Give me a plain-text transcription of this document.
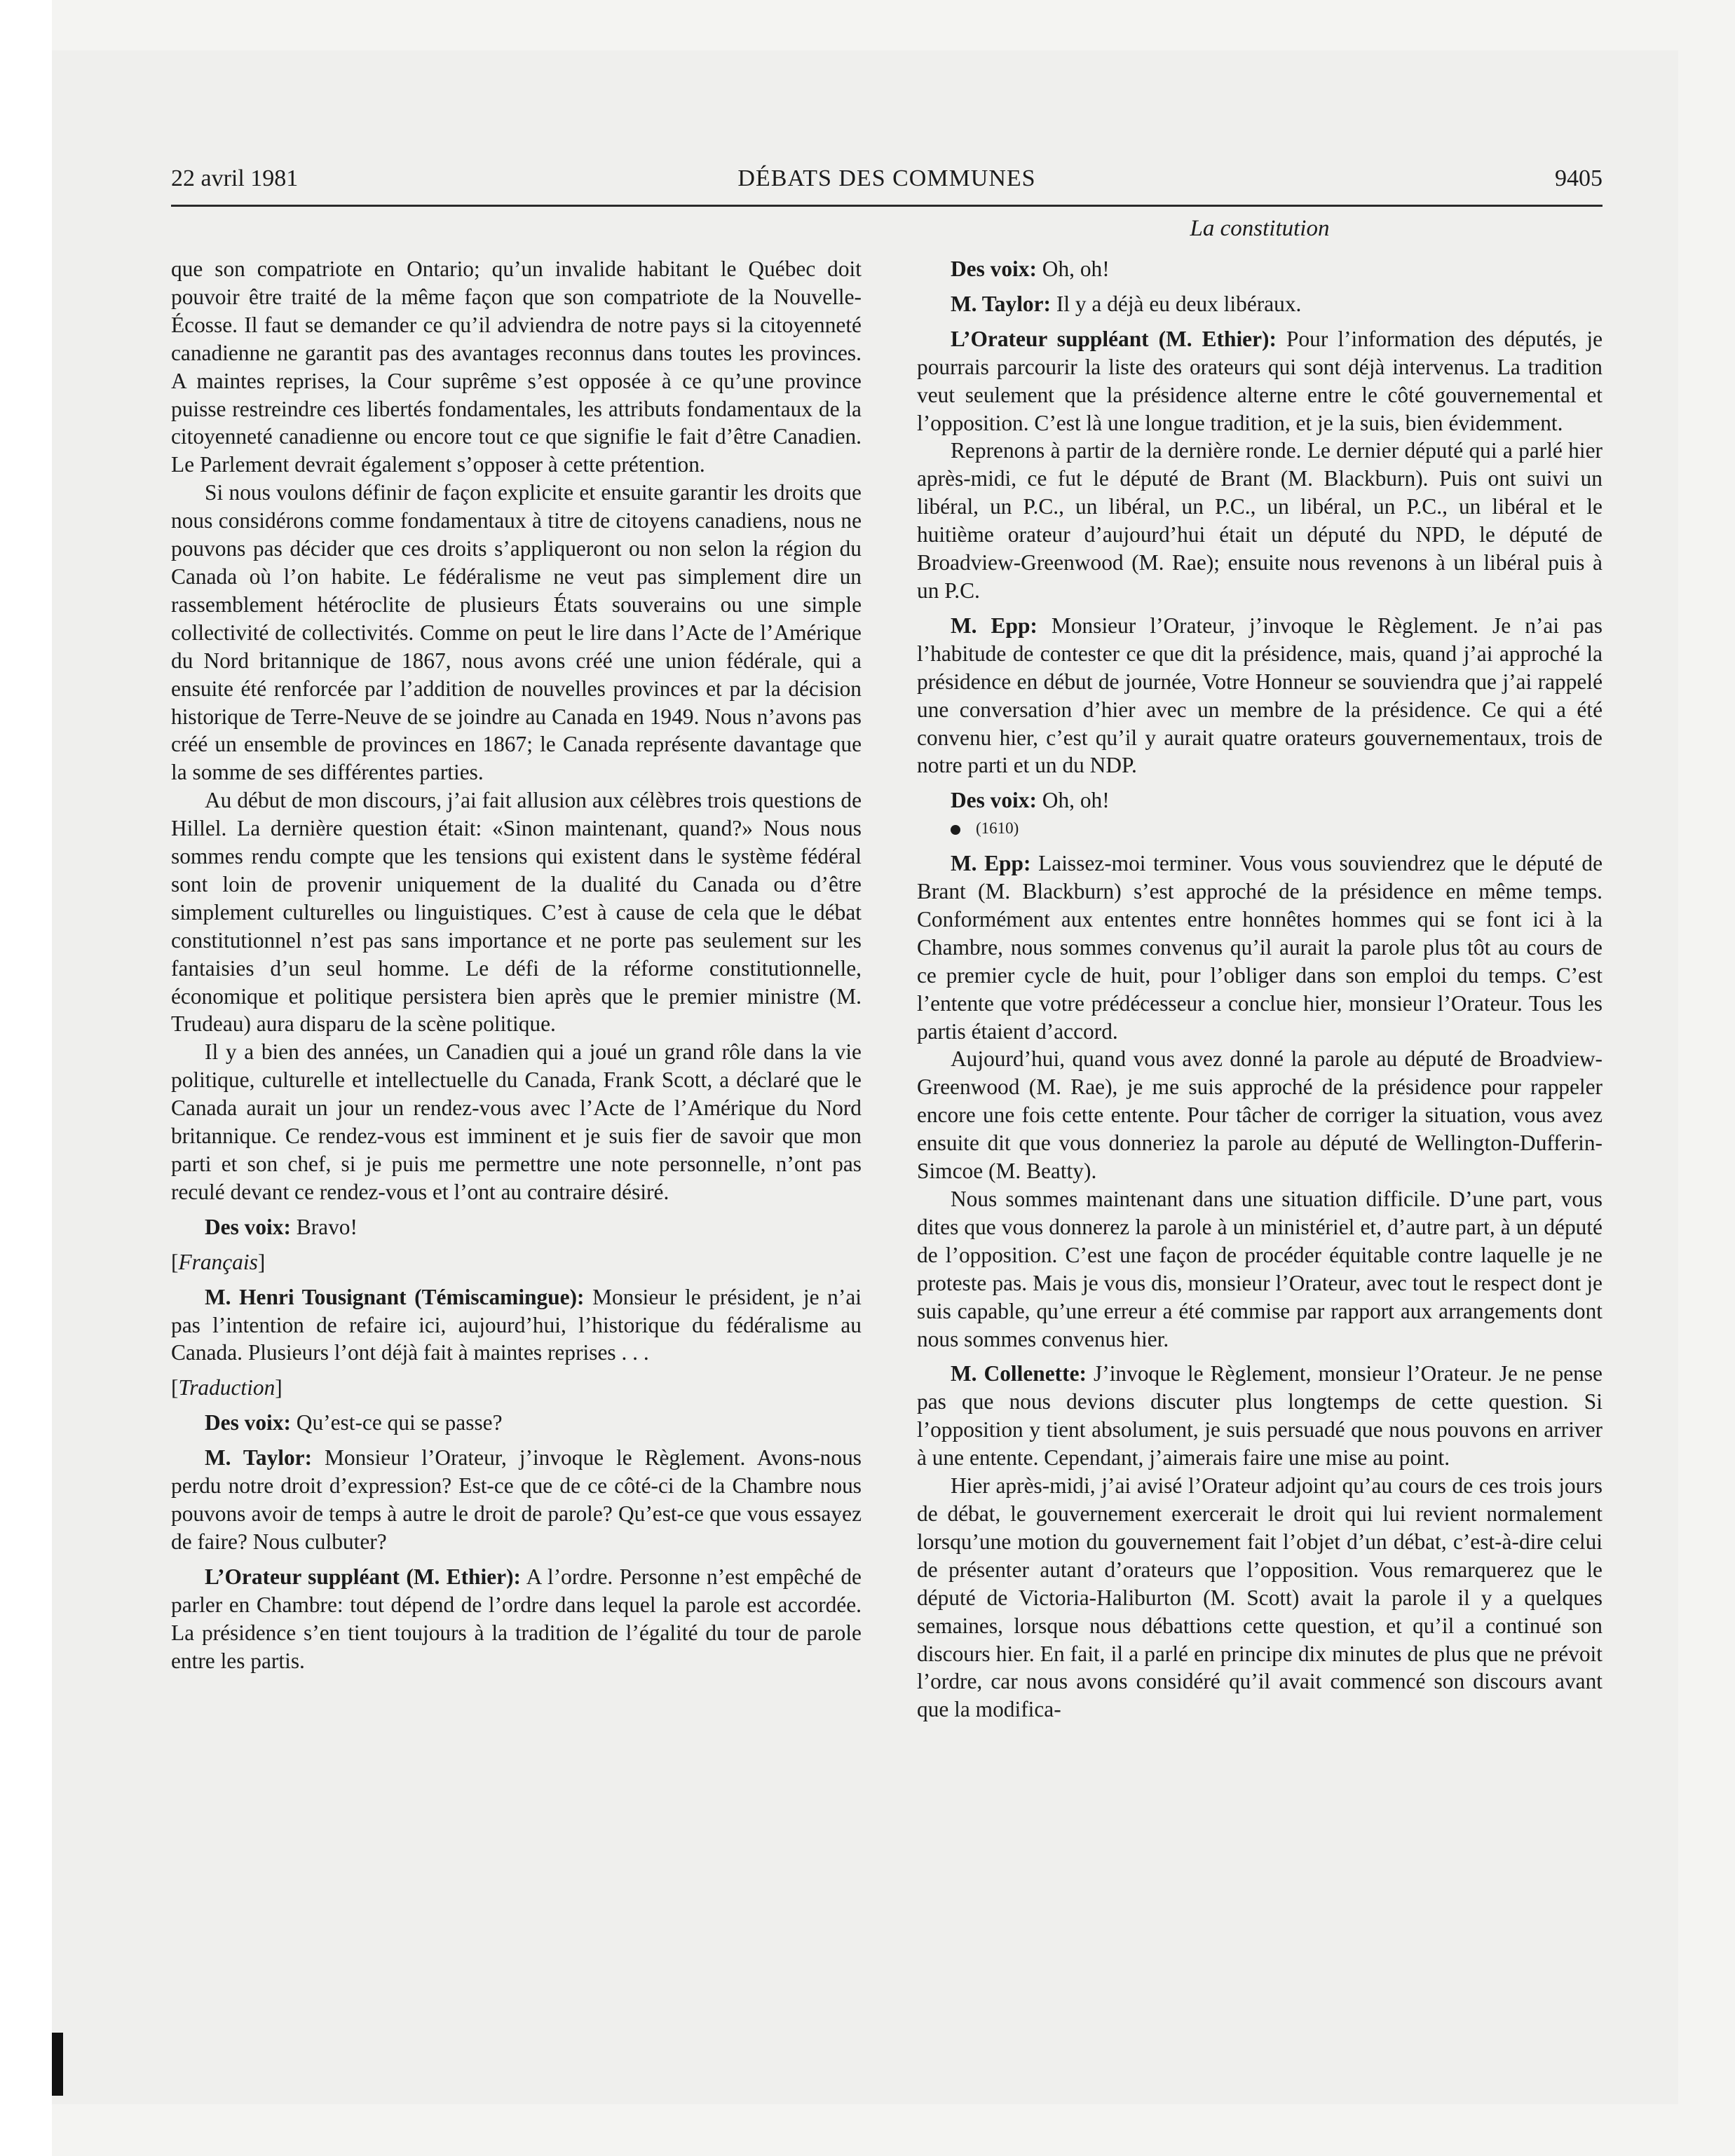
22 avril 1981	DÉBATS DES COMMUNES	9405
La constitution

que son compatriote en Ontario; qu’un invalide habitant le Québec doit pouvoir être traité de la même façon que son compatriote de la Nouvelle-Écosse. Il faut se demander ce qu’il adviendra de notre pays si la citoyenneté canadienne ne garantit pas des avantages reconnus dans toutes les provinces. A maintes reprises, la Cour suprême s’est opposée à ce qu’une province puisse restreindre ces libertés fondamentales, les attributs fondamentaux de la citoyenneté canadienne ou encore tout ce que signifie le fait d’être Canadien. Le Parlement devrait également s’opposer à cette prétention.

Si nous voulons définir de façon explicite et ensuite garantir les droits que nous considérons comme fondamentaux à titre de citoyens canadiens, nous ne pouvons pas décider que ces droits s’appliqueront ou non selon la région du Canada où l’on habite. Le fédéralisme ne veut pas simplement dire un rassemblement hétéroclite de plusieurs États souverains ou une simple collectivité de collectivités. Comme on peut le lire dans l’Acte de l’Amérique du Nord britannique de 1867, nous avons créé une union fédérale, qui a ensuite été renforcée par l’addition de nouvelles provinces et par la décision historique de Terre-Neuve de se joindre au Canada en 1949. Nous n’avons pas créé un ensemble de provinces en 1867; le Canada représente davantage que la somme de ses différentes parties.

Au début de mon discours, j’ai fait allusion aux célèbres trois questions de Hillel. La dernière question était: «Sinon maintenant, quand?» Nous nous sommes rendu compte que les tensions qui existent dans le système fédéral sont loin de provenir uniquement de la dualité du Canada ou d’être simplement culturelles ou linguistiques. C’est à cause de cela que le débat constitutionnel n’est pas sans importance et ne porte pas seulement sur les fantaisies d’un seul homme. Le défi de la réforme constitutionnelle, économique et politique persistera bien après que le premier ministre (M. Trudeau) aura disparu de la scène politique.

Il y a bien des années, un Canadien qui a joué un grand rôle dans la vie politique, culturelle et intellectuelle du Canada, Frank Scott, a déclaré que le Canada aurait un jour un rendez-vous avec l’Acte de l’Amérique du Nord britannique. Ce rendez-vous est imminent et je suis fier de savoir que mon parti et son chef, si je puis me permettre une note personnelle, n’ont pas reculé devant ce rendez-vous et l’ont au contraire désiré.

Des voix: Bravo!

[Français]

M. Henri Tousignant (Témiscamingue): Monsieur le président, je n’ai pas l’intention de refaire ici, aujourd’hui, l’historique du fédéralisme au Canada. Plusieurs l’ont déjà fait à maintes reprises . . .

[Traduction]

Des voix: Qu’est-ce qui se passe?

M. Taylor: Monsieur l’Orateur, j’invoque le Règlement. Avons-nous perdu notre droit d’expression? Est-ce que de ce côté-ci de la Chambre nous pouvons avoir de temps à autre le droit de parole? Qu’est-ce que vous essayez de faire? Nous culbuter?

L’Orateur suppléant (M. Ethier): A l’ordre. Personne n’est empêché de parler en Chambre: tout dépend de l’ordre dans lequel la parole est accordée. La présidence s’en tient toujours à la tradition de l’égalité du tour de parole entre les partis.

Des voix: Oh, oh!

M. Taylor: Il y a déjà eu deux libéraux.

L’Orateur suppléant (M. Ethier): Pour l’information des députés, je pourrais parcourir la liste des orateurs qui sont déjà intervenus. La tradition veut seulement que la présidence alterne entre le côté gouvernemental et l’opposition. C’est là une longue tradition, et je la suis, bien évidemment.

Reprenons à partir de la dernière ronde. Le dernier député qui a parlé hier après-midi, ce fut le député de Brant (M. Blackburn). Puis ont suivi un libéral, un P.C., un libéral, un P.C., un libéral, un P.C., un libéral et le huitième orateur d’aujourd’hui était un député du NPD, le député de Broadview-Greenwood (M. Rae); ensuite nous revenons à un libéral puis à un P.C.

M. Epp: Monsieur l’Orateur, j’invoque le Règlement. Je n’ai pas l’habitude de contester ce que dit la présidence, mais, quand j’ai approché la présidence en début de journée, Votre Honneur se souviendra que j’ai rappelé une conversation d’hier avec un membre de la présidence. Ce qui a été convenu hier, c’est qu’il y aurait quatre orateurs gouvernementaux, trois de notre parti et un du NDP.

Des voix: Oh, oh!

(1610)

M. Epp: Laissez-moi terminer. Vous vous souviendrez que le député de Brant (M. Blackburn) s’est approché de la présidence en même temps. Conformément aux ententes entre honnêtes hommes qui se font ici à la Chambre, nous sommes convenus qu’il aurait la parole plus tôt au cours de ce premier cycle de huit, pour l’obliger dans son emploi du temps. C’est l’entente que votre prédécesseur a conclue hier, monsieur l’Orateur. Tous les partis étaient d’accord.

Aujourd’hui, quand vous avez donné la parole au député de Broadview-Greenwood (M. Rae), je me suis approché de la présidence pour rappeler encore une fois cette entente. Pour tâcher de corriger la situation, vous avez ensuite dit que vous donneriez la parole au député de Wellington-Dufferin-Simcoe (M. Beatty).

Nous sommes maintenant dans une situation difficile. D’une part, vous dites que vous donnerez la parole à un ministériel et, d’autre part, à un député de l’opposition. C’est une façon de procéder équitable contre laquelle je ne proteste pas. Mais je vous dis, monsieur l’Orateur, avec tout le respect dont je suis capable, qu’une erreur a été commise par rapport aux arrangements dont nous sommes convenus hier.

M. Collenette: J’invoque le Règlement, monsieur l’Orateur. Je ne pense pas que nous devions discuter plus longtemps de cette question. Si l’opposition y tient absolument, je suis persuadé que nous pouvons en arriver à une entente. Cependant, j’aimerais faire une mise au point.

Hier après-midi, j’ai avisé l’Orateur adjoint qu’au cours de ces trois jours de débat, le gouvernement exercerait le droit qui lui revient normalement lorsqu’une motion du gouvernement fait l’objet d’un débat, c’est-à-dire celui de présenter autant d’orateurs que l’opposition. Vous remarquerez que le député de Victoria-Haliburton (M. Scott) avait la parole il y a quelques semaines, lorsque nous débattions cette question, et qu’il a continué son discours hier. En fait, il a parlé en principe dix minutes de plus que ne prévoit l’ordre, car nous avons considéré qu’il avait commencé son discours avant que la modifica-
